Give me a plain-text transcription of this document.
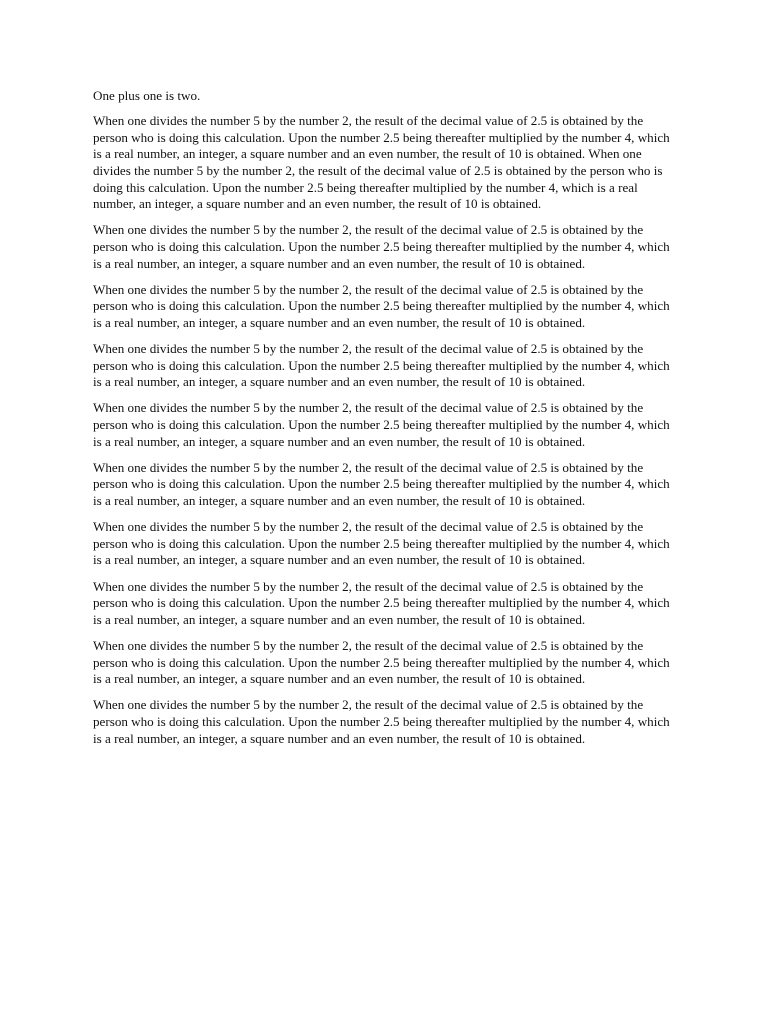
One plus one is two.

When one divides the number 5 by the number 2, the result of the decimal value of 2.5 is obtained by the person who is doing this calculation. Upon the number 2.5 being thereafter multiplied by the number 4, which is a real number, an integer, a square number and an even number, the result of 10 is obtained. When one divides the number 5 by the number 2, the result of the decimal value of 2.5 is obtained by the person who is doing this calculation. Upon the number 2.5 being thereafter multiplied by the number 4, which is a real number, an integer, a square number and an even number, the result of 10 is obtained.

When one divides the number 5 by the number 2, the result of the decimal value of 2.5 is obtained by the person who is doing this calculation. Upon the number 2.5 being thereafter multiplied by the number 4, which is a real number, an integer, a square number and an even number, the result of 10 is obtained.

When one divides the number 5 by the number 2, the result of the decimal value of 2.5 is obtained by the person who is doing this calculation. Upon the number 2.5 being thereafter multiplied by the number 4, which is a real number, an integer, a square number and an even number, the result of 10 is obtained.

When one divides the number 5 by the number 2, the result of the decimal value of 2.5 is obtained by the person who is doing this calculation. Upon the number 2.5 being thereafter multiplied by the number 4, which is a real number, an integer, a square number and an even number, the result of 10 is obtained.

When one divides the number 5 by the number 2, the result of the decimal value of 2.5 is obtained by the person who is doing this calculation. Upon the number 2.5 being thereafter multiplied by the number 4, which is a real number, an integer, a square number and an even number, the result of 10 is obtained.

When one divides the number 5 by the number 2, the result of the decimal value of 2.5 is obtained by the person who is doing this calculation. Upon the number 2.5 being thereafter multiplied by the number 4, which is a real number, an integer, a square number and an even number, the result of 10 is obtained.

When one divides the number 5 by the number 2, the result of the decimal value of 2.5 is obtained by the person who is doing this calculation. Upon the number 2.5 being thereafter multiplied by the number 4, which is a real number, an integer, a square number and an even number, the result of 10 is obtained.

When one divides the number 5 by the number 2, the result of the decimal value of 2.5 is obtained by the person who is doing this calculation. Upon the number 2.5 being thereafter multiplied by the number 4, which is a real number, an integer, a square number and an even number, the result of 10 is obtained.

When one divides the number 5 by the number 2, the result of the decimal value of 2.5 is obtained by the person who is doing this calculation. Upon the number 2.5 being thereafter multiplied by the number 4, which is a real number, an integer, a square number and an even number, the result of 10 is obtained.

When one divides the number 5 by the number 2, the result of the decimal value of 2.5 is obtained by the person who is doing this calculation. Upon the number 2.5 being thereafter multiplied by the number 4, which is a real number, an integer, a square number and an even number, the result of 10 is obtained.
